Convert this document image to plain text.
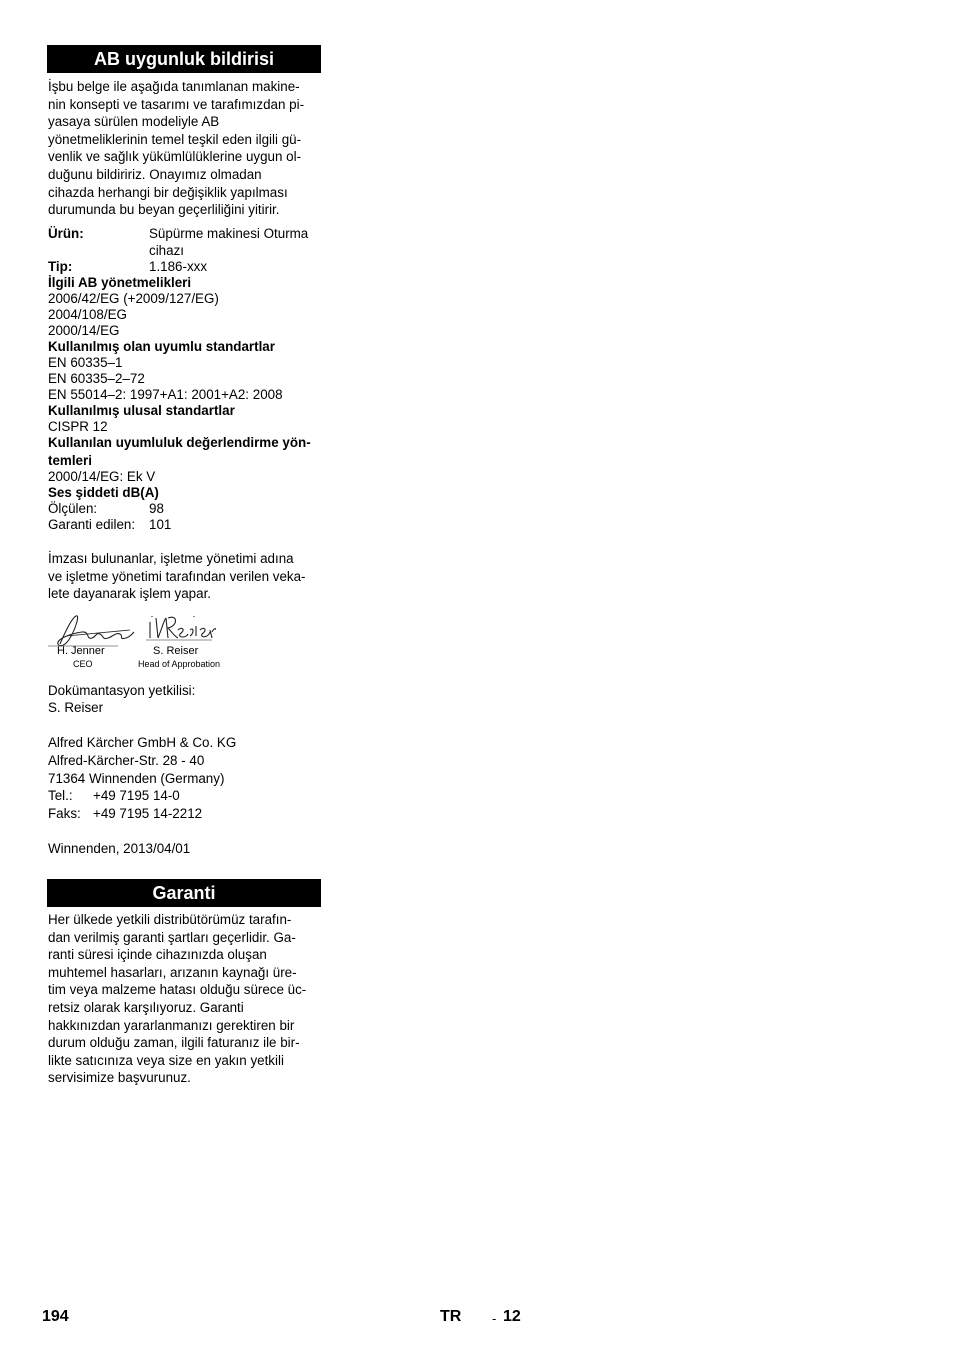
AB uygunluk bildirisi
İşbu belge ile aşağıda tanımlanan makine-
nin konsepti ve tasarımı ve tarafımızdan pi-
yasaya sürülen modeliyle AB
yönetmeliklerinin temel teşkil eden ilgili gü-
venlik ve sağlık yükümlülüklerine uygun ol-
duğunu bildiririz. Onayımız olmadan
cihazda herhangi bir değişiklik yapılması
durumunda bu beyan geçerliliğini yitirir.
Ürün:	Süpürme makinesi Oturma
cihazı
Tip:	1.186-xxx
İlgili AB yönetmelikleri
2006/42/EG (+2009/127/EG)
2004/108/EG
2000/14/EG
Kullanılmış olan uyumlu standartlar
EN 60335–1
EN 60335–2–72
EN 55014–2: 1997+A1: 2001+A2: 2008
Kullanılmış ulusal standartlar
CISPR 12
Kullanılan uyumluluk değerlendirme yön-
temleri
2000/14/EG: Ek V
Ses şiddeti dB(A)
Ölçülen:	98
Garanti edilen: 101
İmzası bulunanlar, işletme yönetimi adına
ve işletme yönetimi tarafından verilen veka-
lete dayanarak işlem yapar.
H. Jenner
CEO
S. Reiser
Head of Approbation
Dokümantasyon yetkilisi:
S. Reiser
Alfred Kärcher GmbH & Co. KG
Alfred-Kärcher-Str. 28 - 40
71364 Winnenden (Germany)
Tel.: +49 7195 14-0
Faks: +49 7195 14-2212
Winnenden, 2013/04/01
Garanti
Her ülkede yetkili distribütörümüz tarafın-
dan verilmiş garanti şartları geçerlidir. Ga-
ranti süresi içinde cihazınızda oluşan
muhtemel hasarları, arızanın kaynağı üre-
tim veya malzeme hatası olduğu sürece üc-
retsiz olarak karşılıyoruz. Garanti
hakkınızdan yararlanmanızı gerektiren bir
durum olduğu zaman, ilgili faturanız ile bir-
likte satıcınıza veya size en yakın yetkili
servisimize başvurunuz.
194	TR - 12
